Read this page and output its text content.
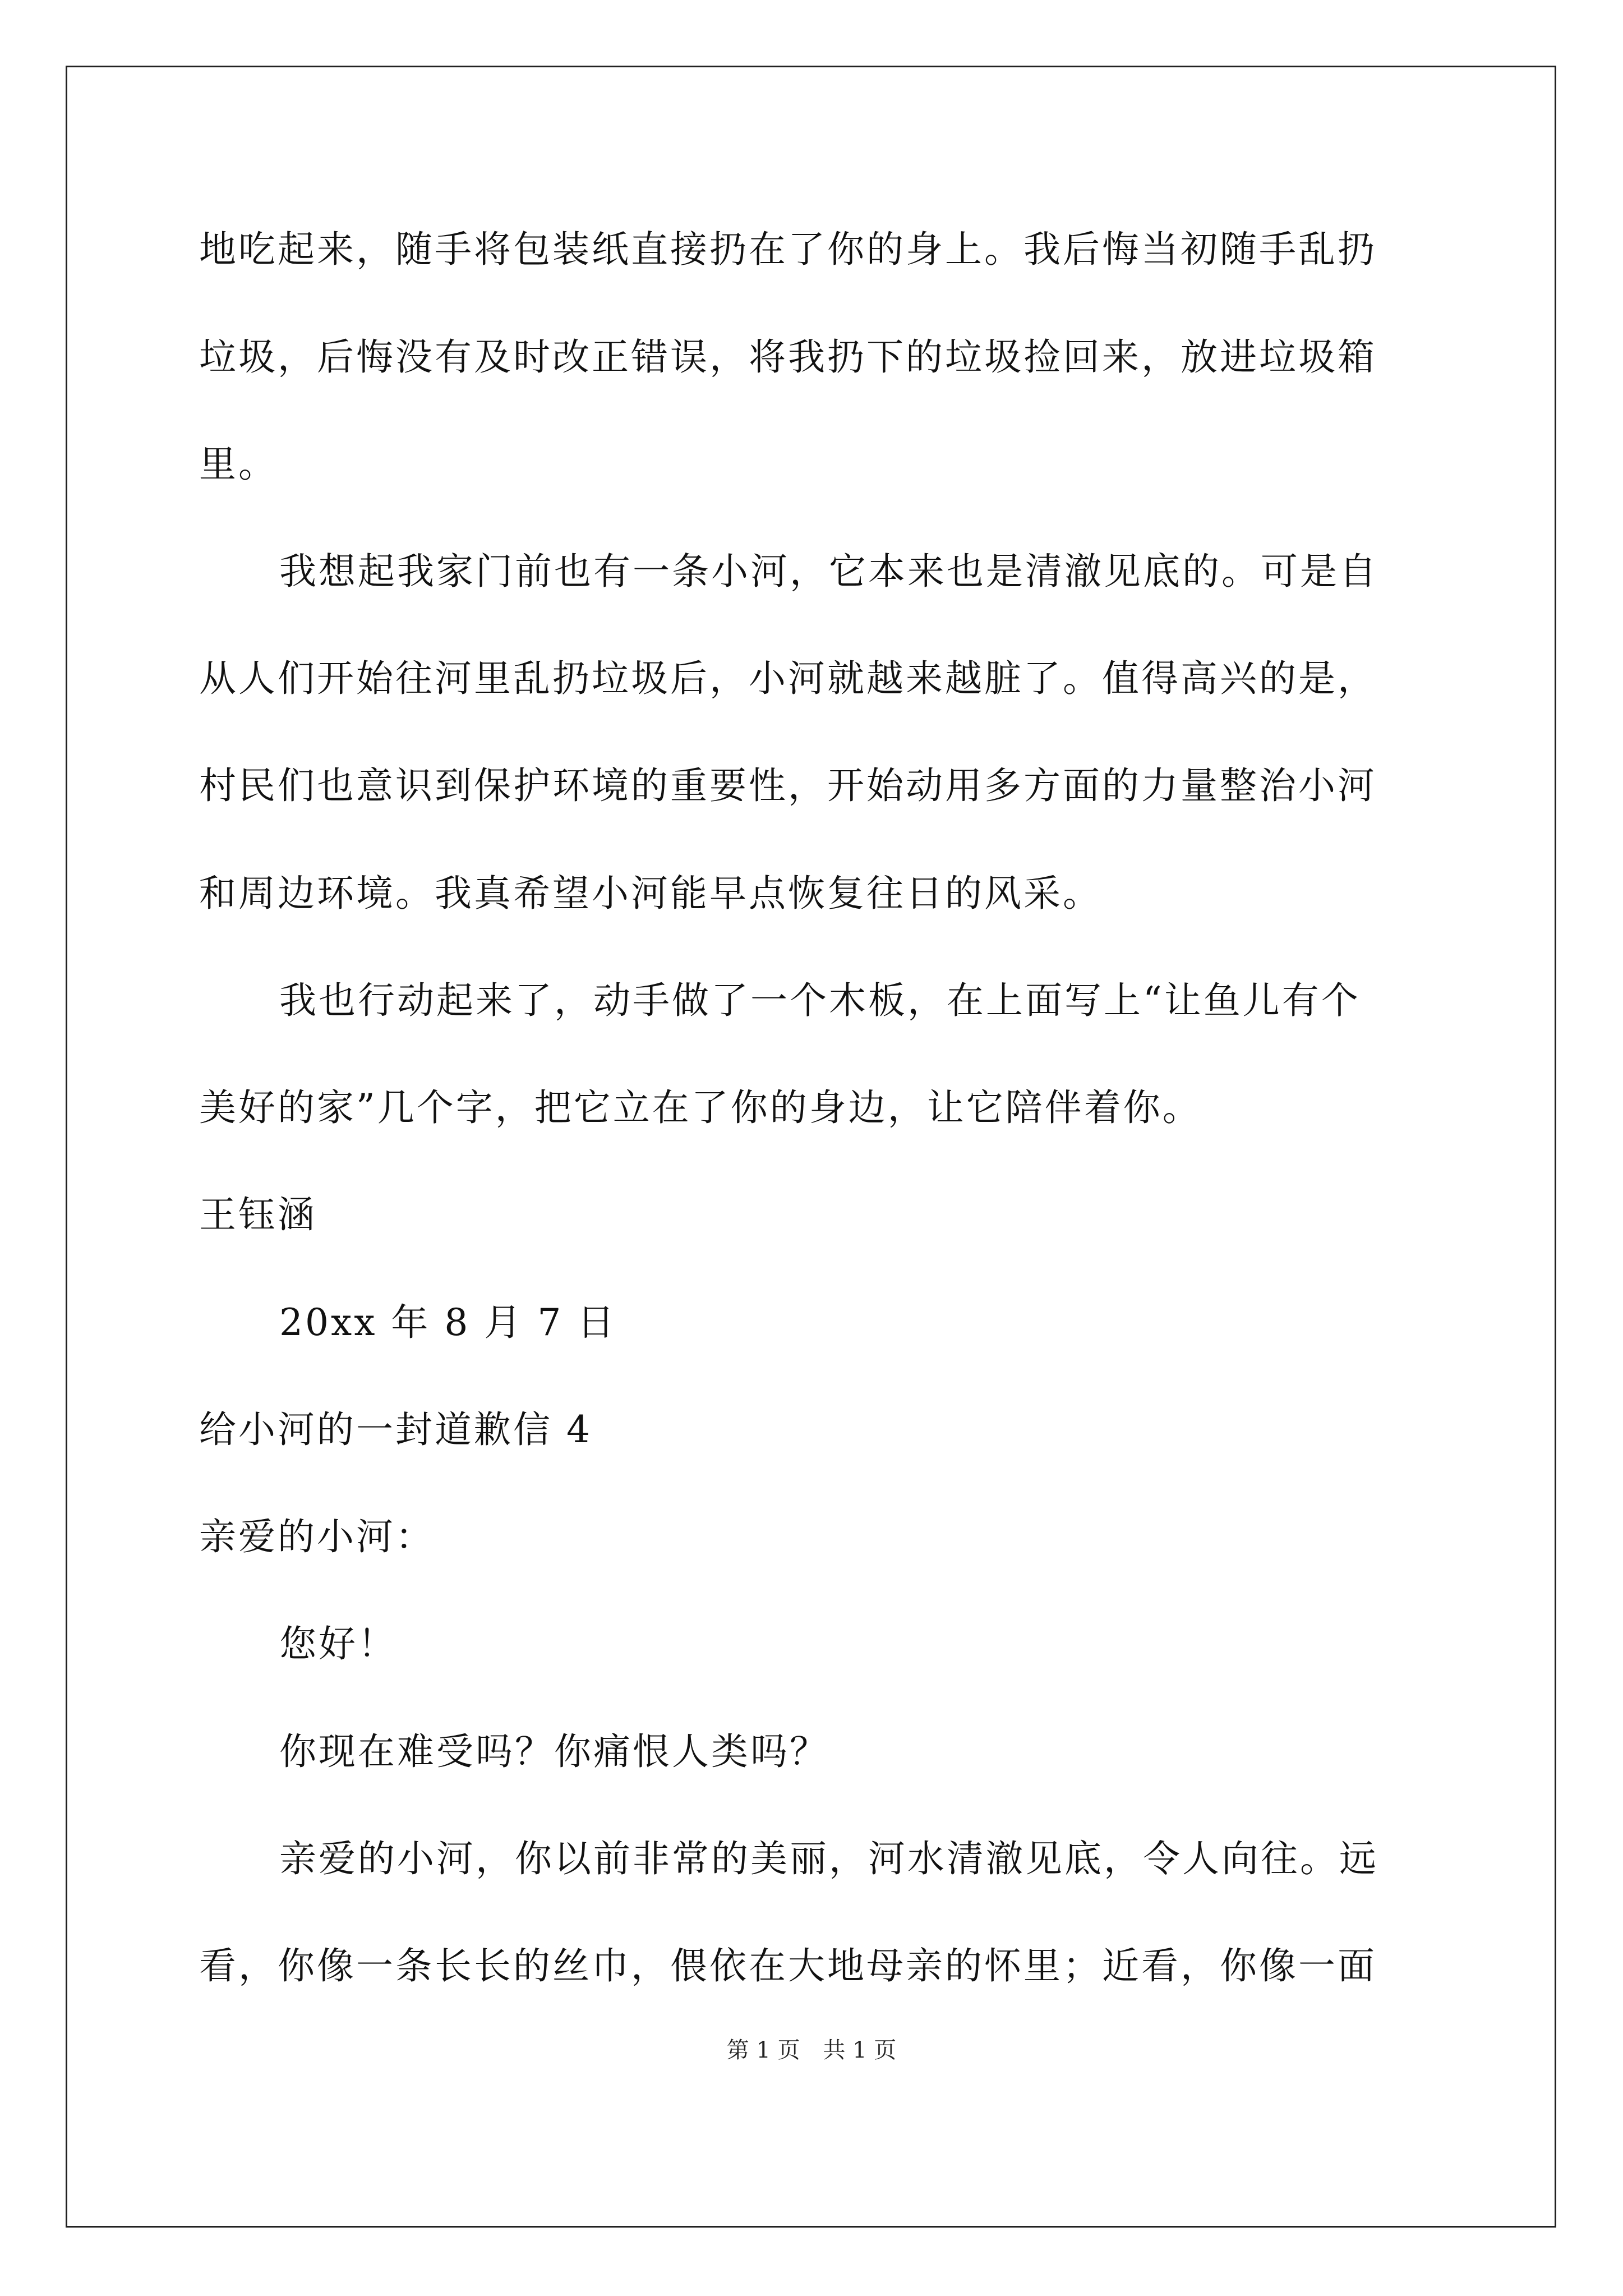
地吃起来，随手将包装纸直接扔在了你的身上。我后悔当初随手乱扔
垃圾，后悔没有及时改正错误，将我扔下的垃圾捡回来，放进垃圾箱
里。
我想起我家门前也有一条小河，它本来也是清澈见底的。可是自
从人们开始往河里乱扔垃圾后，小河就越来越脏了。值得高兴的是，
村民们也意识到保护环境的重要性，开始动用多方面的力量整治小河
和周边环境。我真希望小河能早点恢复往日的风采。
我也行动起来了，动手做了一个木板，在上面写上“让鱼儿有个
美好的家”几个字，把它立在了你的身边，让它陪伴着你。
王钰涵
20xx 年 8 月 7 日
给小河的一封道歉信 4
亲爱的小河：
您好！
你现在难受吗？你痛恨人类吗？
亲爱的小河，你以前非常的美丽，河水清澈见底，令人向往。远
看，你像一条长长的丝巾，偎依在大地母亲的怀里；近看，你像一面
第 1 页 共 1 页
